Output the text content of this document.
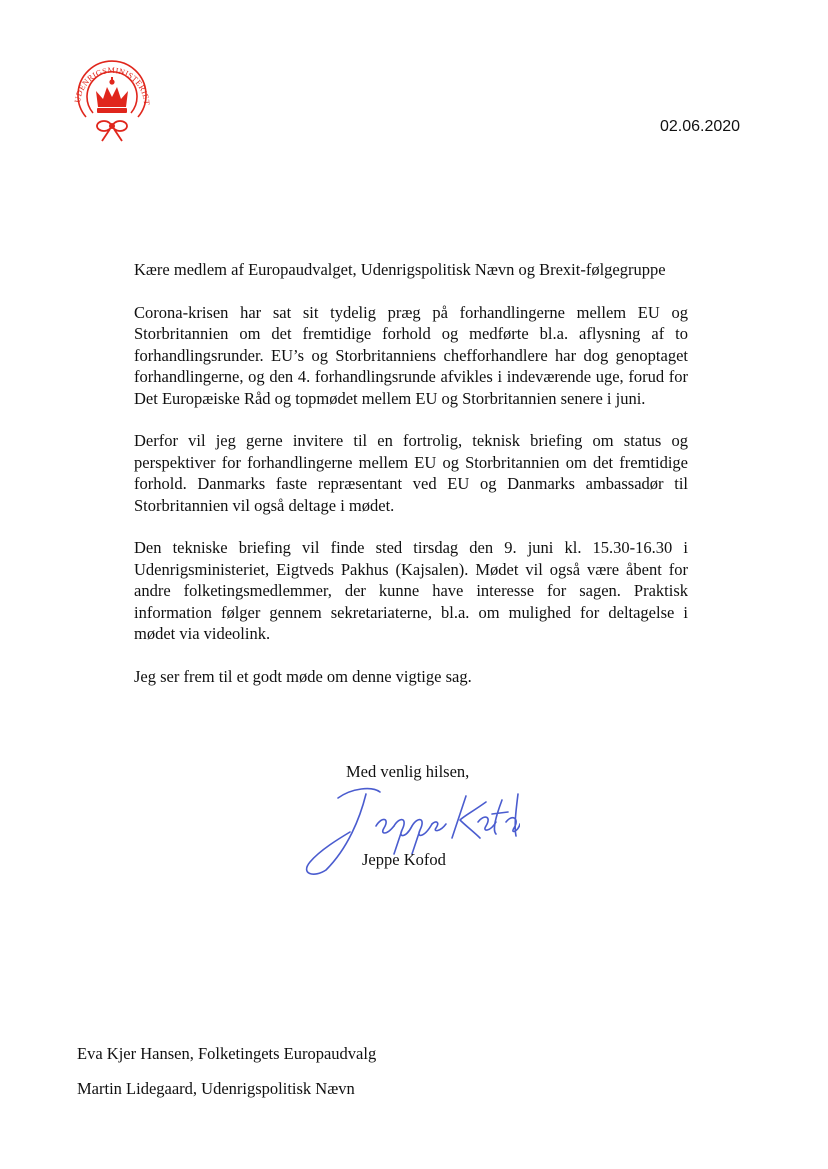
UDENRIGSMINISTERIET
02.06.2020

Kære medlem af Europaudvalget, Udenrigspolitisk Nævn og Brexit-følgegruppe

Corona-krisen har sat sit tydelig præg på forhandlingerne mellem EU og Storbritannien om det fremtidige forhold og medførte bl.a. aflysning af to forhandlingsrunder. EU’s og Storbritanniens chefforhandlere har dog genoptaget forhandlingerne, og den 4. forhandlingsrunde afvikles i indeværende uge, forud for Det Europæiske Råd og topmødet mellem EU og Storbritannien senere i juni.

Derfor vil jeg gerne invitere til en fortrolig, teknisk briefing om status og perspektiver for forhandlingerne mellem EU og Storbritannien om det fremtidige forhold. Danmarks faste repræsentant ved EU og Danmarks ambassadør til Storbritannien vil også deltage i mødet.

Den tekniske briefing vil finde sted tirsdag den 9. juni kl. 15.30-16.30 i Udenrigsministeriet, Eigtveds Pakhus (Kajsalen). Mødet vil også være åbent for andre folketingsmedlemmer, der kunne have interesse for sagen. Praktisk information følger gennem sekretariaterne, bl.a. om mulighed for deltagelse i mødet via videolink.

Jeg ser frem til et godt møde om denne vigtige sag.

Med venlig hilsen,
Jeppe Kofod
Eva Kjer Hansen, Folketingets Europaudvalg
Martin Lidegaard, Udenrigspolitisk Nævn
